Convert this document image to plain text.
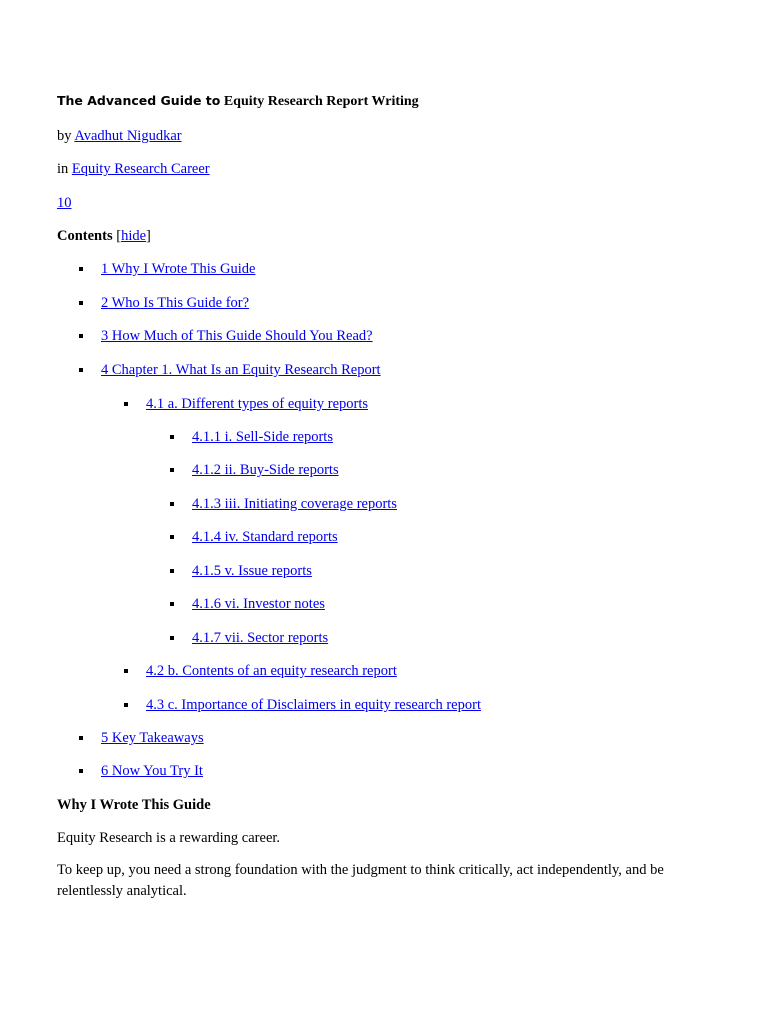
The Advanced Guide to Equity Research Report Writing
by Avadhut Nigudkar
in Equity Research Career
10
Contents [hide]
1 Why I Wrote This Guide
2 Who Is This Guide for?
3 How Much of This Guide Should You Read?
4 Chapter 1. What Is an Equity Research Report
4.1 a. Different types of equity reports
4.1.1 i. Sell-Side reports
4.1.2 ii. Buy-Side reports
4.1.3 iii. Initiating coverage reports
4.1.4 iv. Standard reports
4.1.5 v. Issue reports
4.1.6 vi. Investor notes
4.1.7 vii. Sector reports
4.2 b. Contents of an equity research report
4.3 c. Importance of Disclaimers in equity research report
5 Key Takeaways
6 Now You Try It
Why I Wrote This Guide
Equity Research is a rewarding career.
To keep up, you need a strong foundation with the judgment to think critically, act independently, and be relentlessly analytical.
